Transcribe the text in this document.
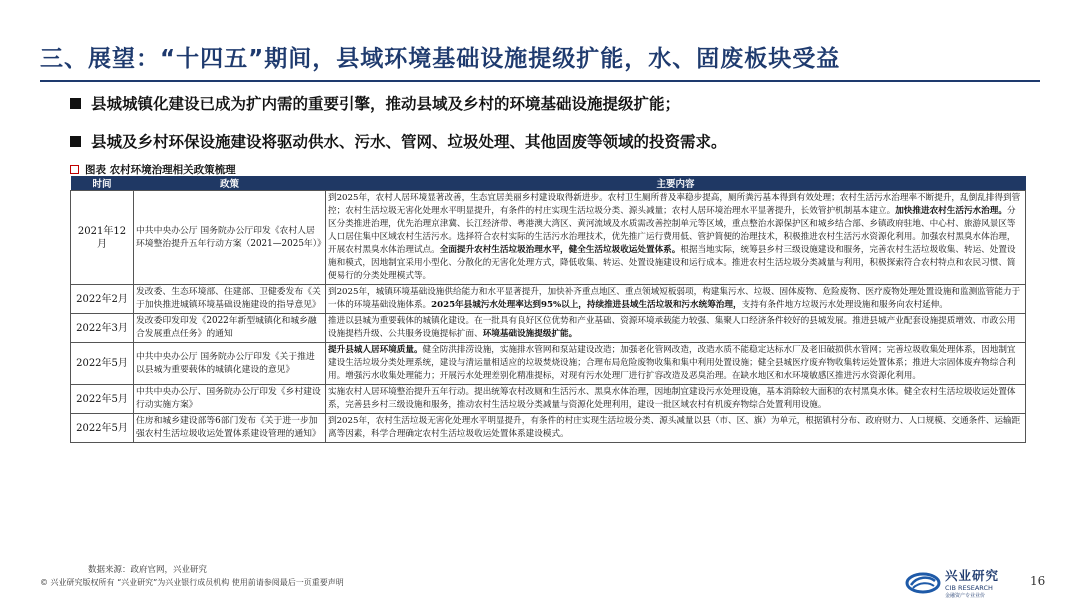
三、展望：“十四五”期间，县域环境基础设施提级扩能，水、固废板块受益
县城城镇化建设已成为扩内需的重要引擎，推动县域及乡村的环境基础设施提级扩能；
县城及乡村环保设施建设将驱动供水、污水、管网、垃圾处理、其他固废等领域的投资需求。
图表 农村环境治理相关政策梳理
时间	政策	主要内容
2021年12月	中共中央办公厅 国务院办公厅印发《农村人居环境整治提升五年行动方案（2021—2025年）》	到2025年，农村人居环境显著改善，生态宜居美丽乡村建设取得新进步。农村卫生厕所普及率稳步提高，厕所粪污基本得到有效处理；农村生活污水治理率不断提升，乱倒乱排得到管控；农村生活垃圾无害化处理水平明显提升，有条件的村庄实现生活垃圾分类、源头减量；农村人居环境治理水平显著提升，长效管护机制基本建立。加快推进农村生活污水治理。分区分类推进治理，优先治理京津冀、长江经济带、粤港澳大湾区、黄河流域及水质需改善控制单元等区域，重点整治水源保护区和城乡结合部、乡镇政府驻地、中心村、旅游风景区等人口居住集中区域农村生活污水。选择符合农村实际的生活污水治理技术，优先推广运行费用低、管护简便的治理技术，积极推进农村生活污水资源化利用。加强农村黑臭水体治理，开展农村黑臭水体治理试点。全面提升农村生活垃圾治理水平，健全生活垃圾收运处置体系。根据当地实际，统筹县乡村三级设施建设和服务，完善农村生活垃圾收集、转运、处置设施和模式，因地制宜采用小型化、分散化的无害化处理方式，降低收集、转运、处置设施建设和运行成本。推进农村生活垃圾分类减量与利用，积极探索符合农村特点和农民习惯、简便易行的分类处理模式等。
2022年2月	发改委、生态环境部、住建部、卫健委发布《关于加快推进城镇环境基础设施建设的指导意见》	到2025年，城镇环境基础设施供给能力和水平显著提升，加快补齐重点地区、重点领域短板弱项，构建集污水、垃圾、固体废物、危险废物、医疗废物处理处置设施和监测监管能力于一体的环境基础设施体系。2025年县城污水处理率达到95%以上，持续推进县域生活垃圾和污水统筹治理，支持有条件地方垃圾污水处理设施和服务向农村延伸。
2022年3月	发改委印发印发《2022年新型城镇化和城乡融合发展重点任务》的通知	推进以县城为重要载体的城镇化建设。在一批具有良好区位优势和产业基础、资源环境承载能力较强、集聚人口经济条件较好的县城发展。推进县城产业配套设施提质增效、市政公用设施提档升级、公共服务设施提标扩面、环境基础设施提级扩能。
2022年5月	中共中央办公厅 国务院办公厅印发《关于推进以县城为重要载体的城镇化建设的意见》	提升县城人居环境质量。健全防洪排涝设施，实施排水管网和泵站建设改造；加强老化管网改造，改造水质不能稳定达标水厂及老旧破损供水管网；完善垃圾收集处理体系，因地制宜建设生活垃圾分类处理系统，建设与清运量相适应的垃圾焚烧设施；合理布局危险废物收集和集中利用处置设施；健全县城医疗废弃物收集转运处置体系；推进大宗固体废弃物综合利用。增强污水收集处理能力；开展污水处理差别化精准提标，对现有污水处理厂进行扩容改造及恶臭治理。在缺水地区和水环境敏感区推进污水资源化利用。
2022年5月	中共中央办公厅、国务院办公厅印发《乡村建设行动实施方案》	实施农村人居环境整治提升五年行动。提出统筹农村改厕和生活污水、黑臭水体治理，因地制宜建设污水处理设施，基本消除较大面积的农村黑臭水体。健全农村生活垃圾收运处置体系，完善县乡村三级设施和服务，推动农村生活垃圾分类减量与资源化处理利用，建设一批区域农村有机废弃物综合处置利用设施。
2022年5月	住房和城乡建设部等6部门发布《关于进一步加强农村生活垃圾收运处置体系建设管理的通知》	到2025年，农村生活垃圾无害化处理水平明显提升，有条件的村庄实现生活垃圾分类、源头减量以县（市、区、旗）为单元，根据镇村分布、政府财力、人口规模、交通条件、运输距离等因素，科学合理确定农村生活垃圾收运处置体系建设模式。
数据来源：政府官网，兴业研究
© 兴业研究版权所有 “兴业研究”为兴业银行成员机构 使用前请参阅最后一页重要声明	兴业研究
CIB RESEARCH
金融资产专业业价
16
